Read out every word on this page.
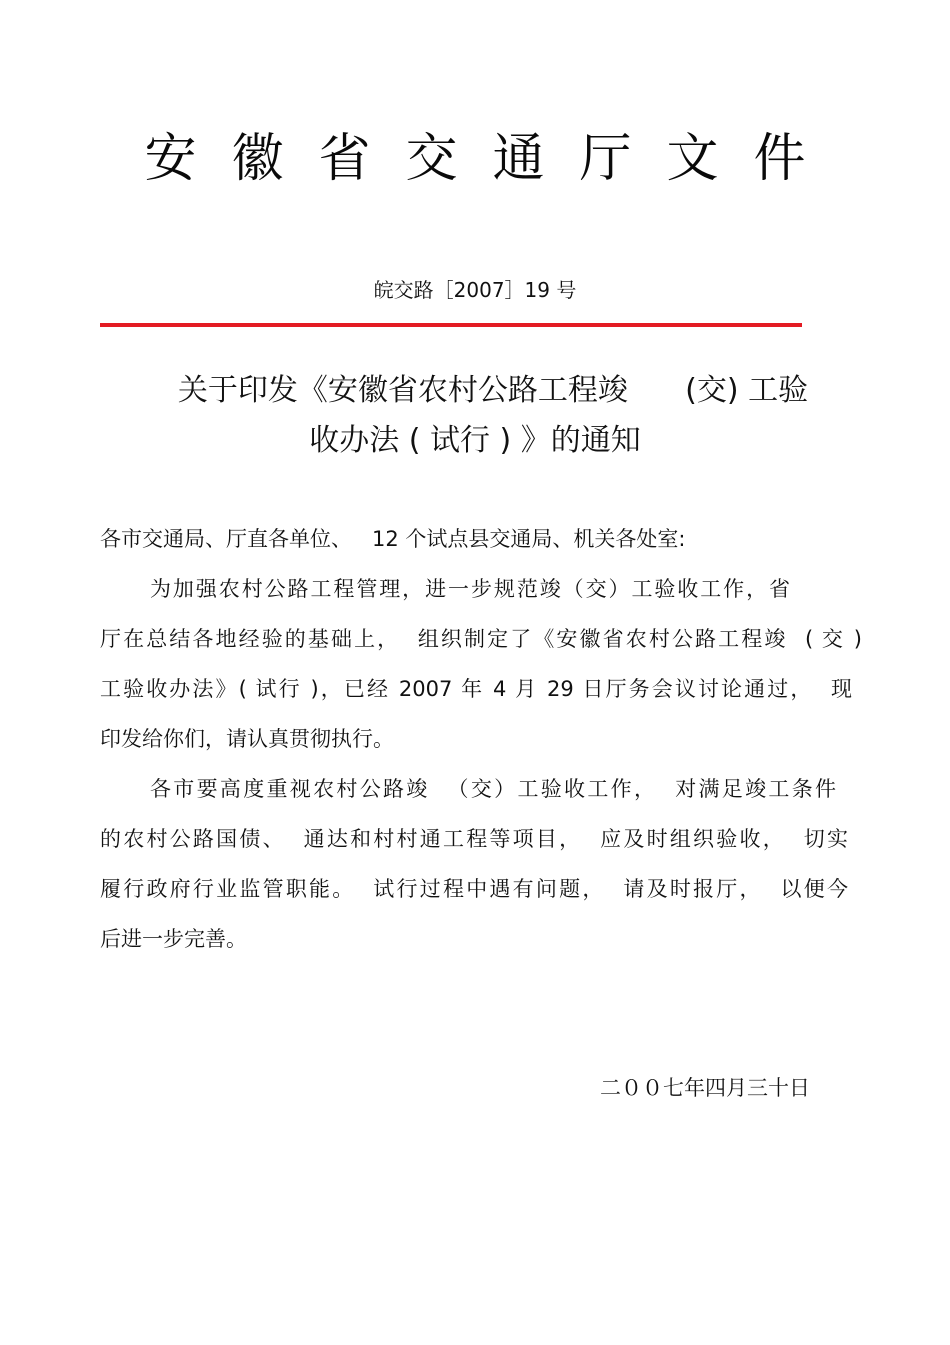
安 徽 省 交 通 厅 文 件
皖交路［2007］19 号
关于印发《安徽省农村公路工程竣      (交) 工验
收办法 ( 试行 ) 》的通知
各市交通局、厅直各单位、   12 个试点县交通局、机关各处室:
为加强农村公路工程管理，进一步规范竣（交）工验收工作，省
厅在总结各地经验的基础上，  组织制定了《安徽省农村公路工程竣  ( 交 )
工验收办法》( 试行 )，已经 2007 年 4 月 29 日厅务会议讨论通过，  现
印发给你们，请认真贯彻执行。
各市要高度重视农村公路竣  （交）工验收工作，  对满足竣工条件
的农村公路国债、  通达和村村通工程等项目，  应及时组织验收，  切实
履行政府行业监管职能。  试行过程中遇有问题，  请及时报厅，  以便今
后进一步完善。
二００七年四月三十日
